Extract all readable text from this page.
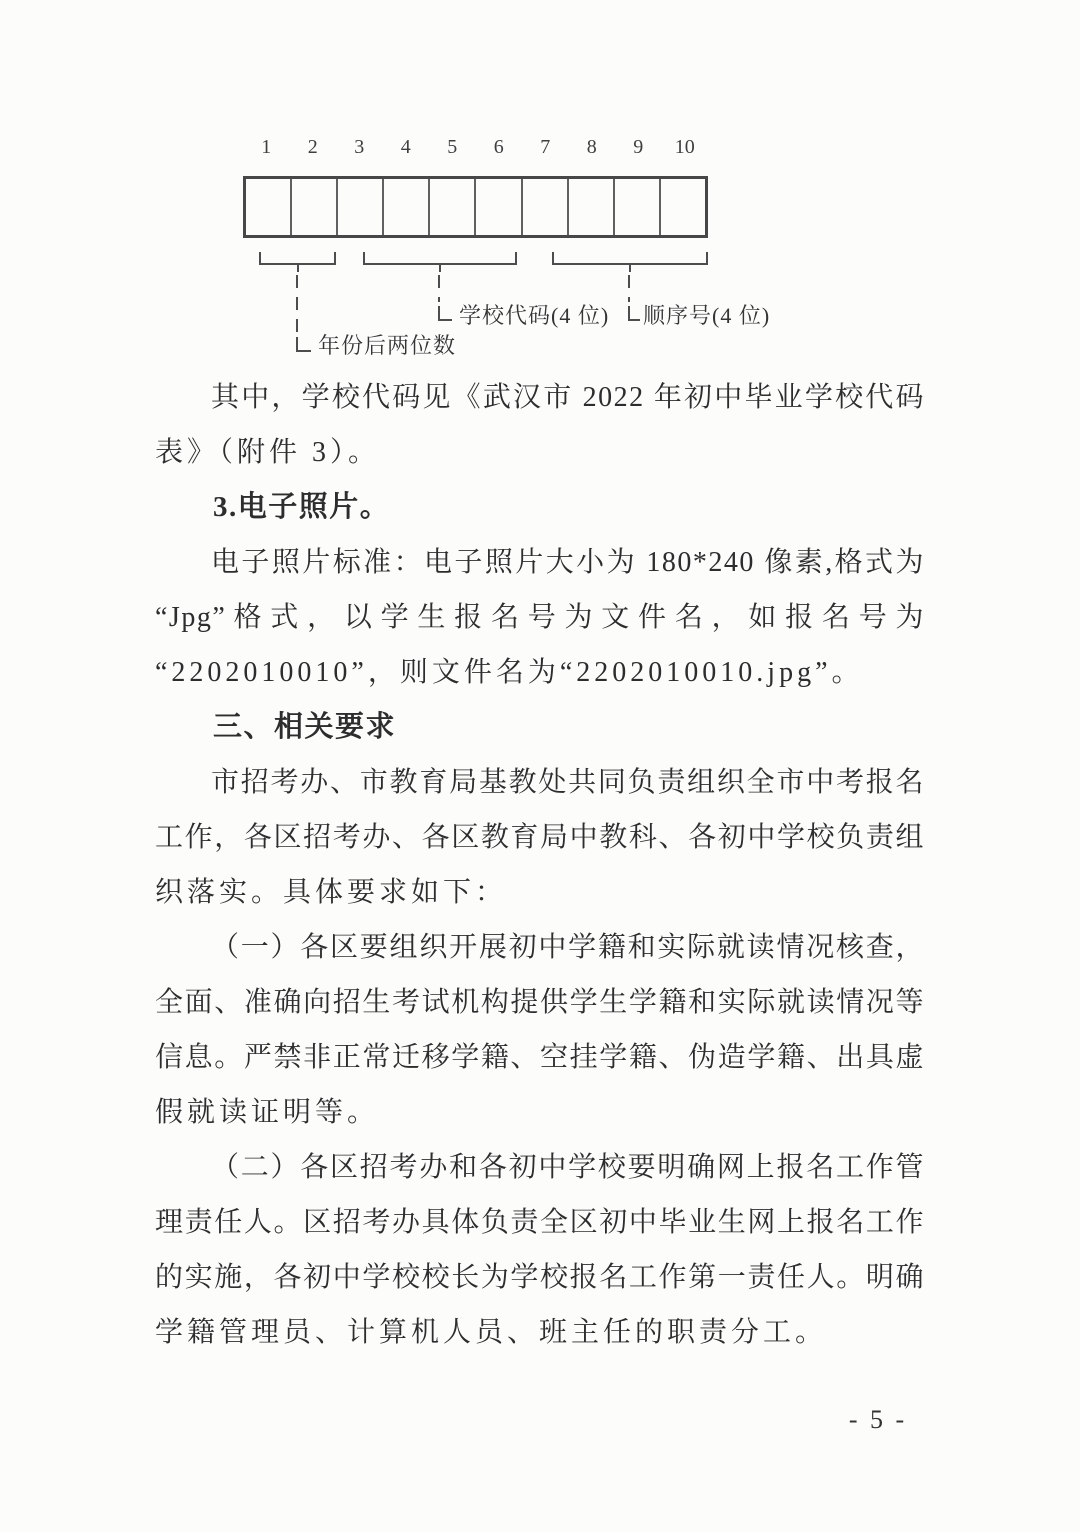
1	2	3	4	5	6	7	8	9	10
年份后两位数
学校代码(4 位) 顺序号(4 位)
其中，学校代码见《武汉市 2022 年初中毕业学校代码
表》（附件 3）。
3.电子照片。
电子照片标准：电子照片大小为 180*240 像素,格式为
“Jpg”格式，以学生报名号为文件名，如报名号为
“2202010010”，则文件名为“2202010010.jpg”。
三、相关要求
市招考办、市教育局基教处共同负责组织全市中考报名
工作，各区招考办、各区教育局中教科、各初中学校负责组
织落实。具体要求如下：
（一）各区要组织开展初中学籍和实际就读情况核查，
全面、准确向招生考试机构提供学生学籍和实际就读情况等
信息。严禁非正常迁移学籍、空挂学籍、伪造学籍、出具虚
假就读证明等。
（二）各区招考办和各初中学校要明确网上报名工作管
理责任人。区招考办具体负责全区初中毕业生网上报名工作
的实施，各初中学校校长为学校报名工作第一责任人。明确
学籍管理员、计算机人员、班主任的职责分工。
- 5 -
